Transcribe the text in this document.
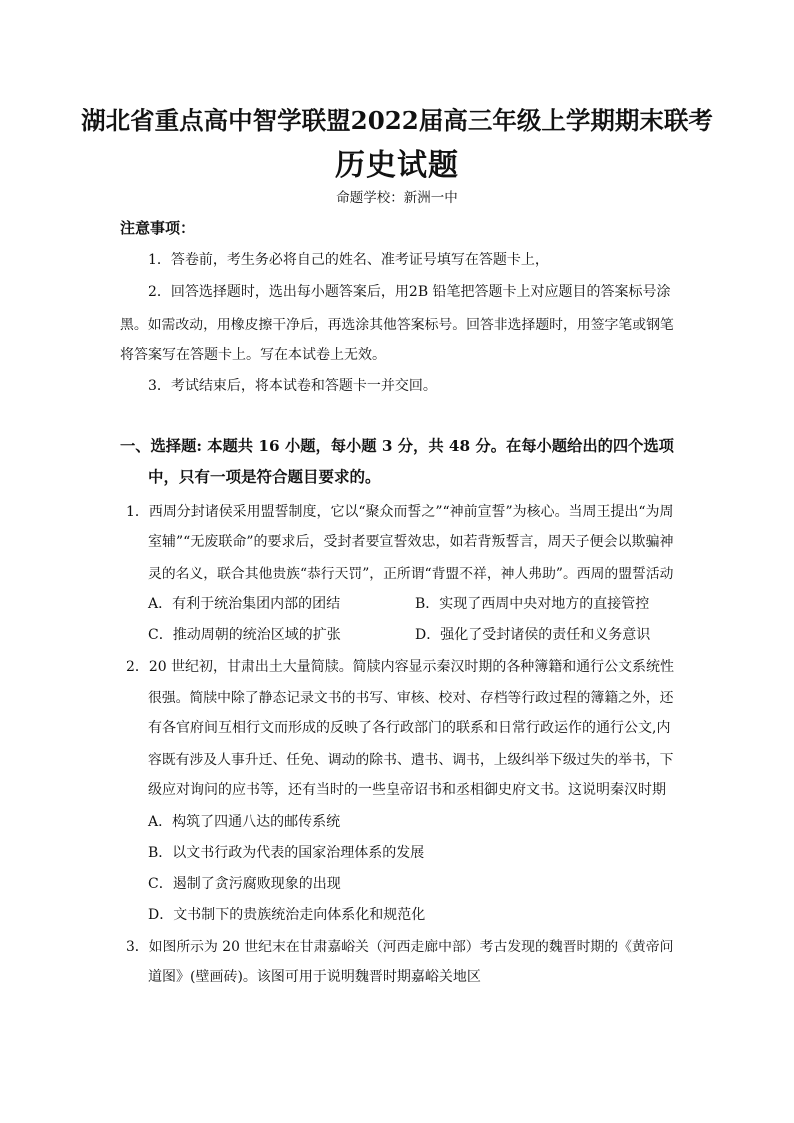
湖北省重点高中智学联盟2022届高三年级上学期期末联考
历史试题
命题学校：新洲一中
注意事项：
1．答卷前，考生务必将自己的姓名、准考证号填写在答题卡上，
2．回答选择题时，选出每小题答案后，用2B 铅笔把答题卡上对应题目的答案标号涂
黑。如需改动，用橡皮擦干净后，再选涂其他答案标号。回答非选择题时，用签字笔或钢笔
将答案写在答题卡上。写在本试卷上无效。
3．考试结束后，将本试卷和答题卡一并交回。
一、选择题: 本题共 16 小题，每小题 3 分，共 48 分。在每小题给出的四个选项
中，只有一项是符合题目要求的。
1．西周分封诸侯采用盟誓制度，它以“聚众而誓之”“神前宣誓”为核心。当周王提出“为周
室辅”“无废联命”的要求后，受封者要宣誓效忠，如若背叛誓言，周天子便会以欺骗神
灵的名义，联合其他贵族“恭行天罚”，正所谓“背盟不祥，神人弗助”。西周的盟誓活动
A．有利于统治集团内部的团结	B．实现了西周中央对地方的直接管控
C．推动周朝的统治区域的扩张	D．强化了受封诸侯的责任和义务意识
2．20 世纪初，甘肃出土大量简牍。简牍内容显示秦汉时期的各种簿籍和通行公文系统性
很强。简牍中除了静态记录文书的书写、审核、校对、存档等行政过程的簿籍之外，还
有各官府间互相行文而形成的反映了各行政部门的联系和日常行政运作的通行公文,内
容既有涉及人事升迁、任免、调动的除书、遣书、调书，上级纠举下级过失的举书，下
级应对询问的应书等，还有当时的一些皇帝诏书和丞相御史府文书。这说明秦汉时期
A．构筑了四通八达的邮传系统
B．以文书行政为代表的国家治理体系的发展
C．遏制了贪污腐败现象的出现
D．文书制下的贵族统治走向体系化和规范化
3．如图所示为 20 世纪末在甘肃嘉峪关（河西走廊中部）考古发现的魏晋时期的《黄帝问
道图》(壁画砖)。该图可用于说明魏晋时期嘉峪关地区
